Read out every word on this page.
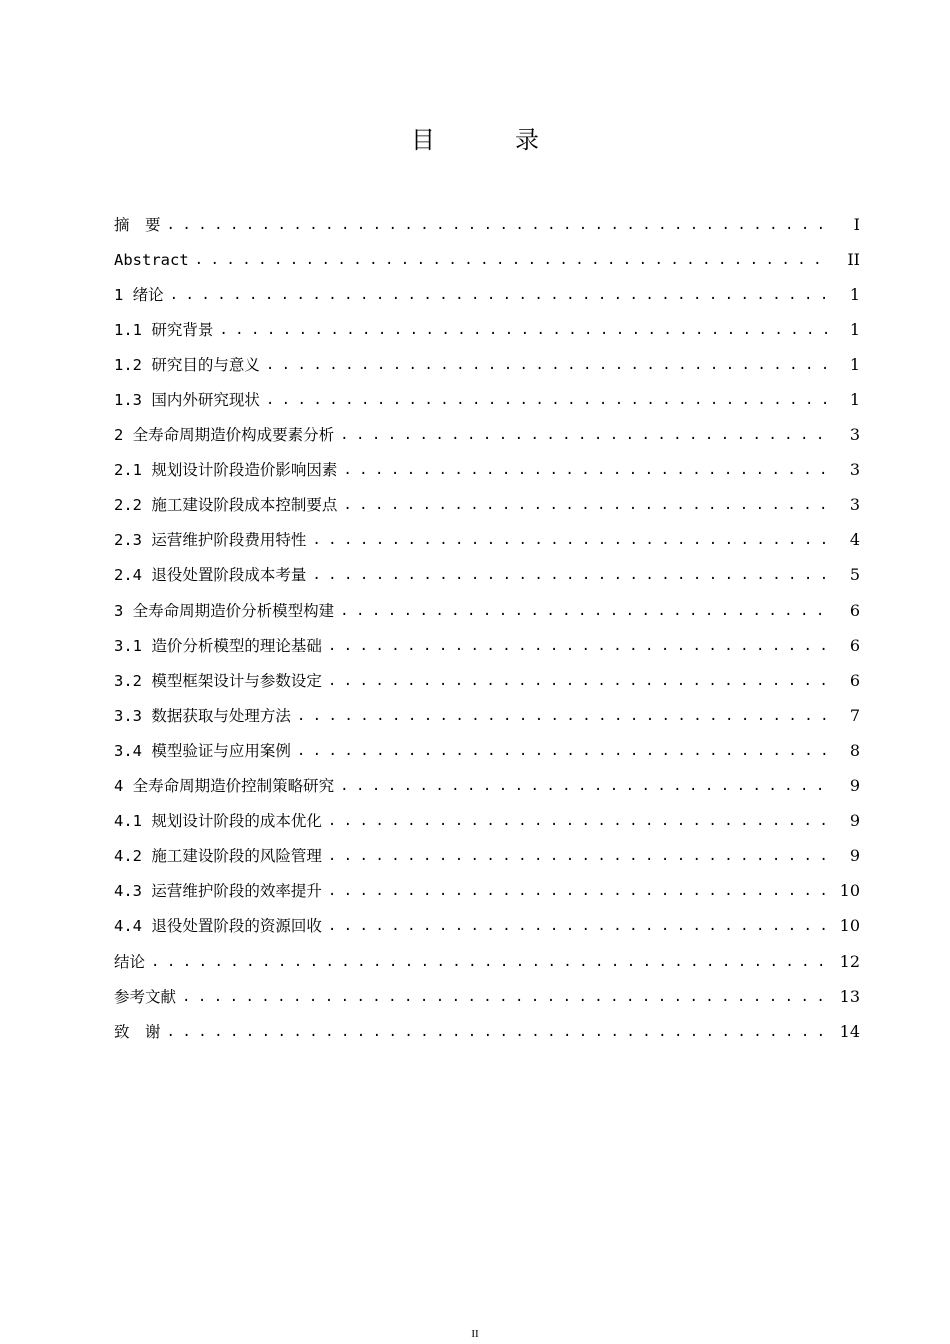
目　录
摘　要 . . .	I
Abstract . . .	II
1 绪论 . . .	1
1.1 研究背景 . . .	1
1.2 研究目的与意义 . . .	1
1.3 国内外研究现状 . . .	1
2 全寿命周期造价构成要素分析 . . .	3
2.1 规划设计阶段造价影响因素 . . .	3
2.2 施工建设阶段成本控制要点 . . .	3
2.3 运营维护阶段费用特性 . . .	4
2.4 退役处置阶段成本考量 . . .	5
3 全寿命周期造价分析模型构建 . . .	6
3.1 造价分析模型的理论基础 . . .	6
3.2 模型框架设计与参数设定 . . .	6
3.3 数据获取与处理方法 . . .	7
3.4 模型验证与应用案例 . . .	8
4 全寿命周期造价控制策略研究 . . .	9
4.1 规划设计阶段的成本优化 . . .	9
4.2 施工建设阶段的风险管理 . . .	9
4.3 运营维护阶段的效率提升 . . .	10
4.4 退役处置阶段的资源回收 . . .	10
结论 . . .	12
参考文献 . . .	13
致　谢 . . .	14
II
